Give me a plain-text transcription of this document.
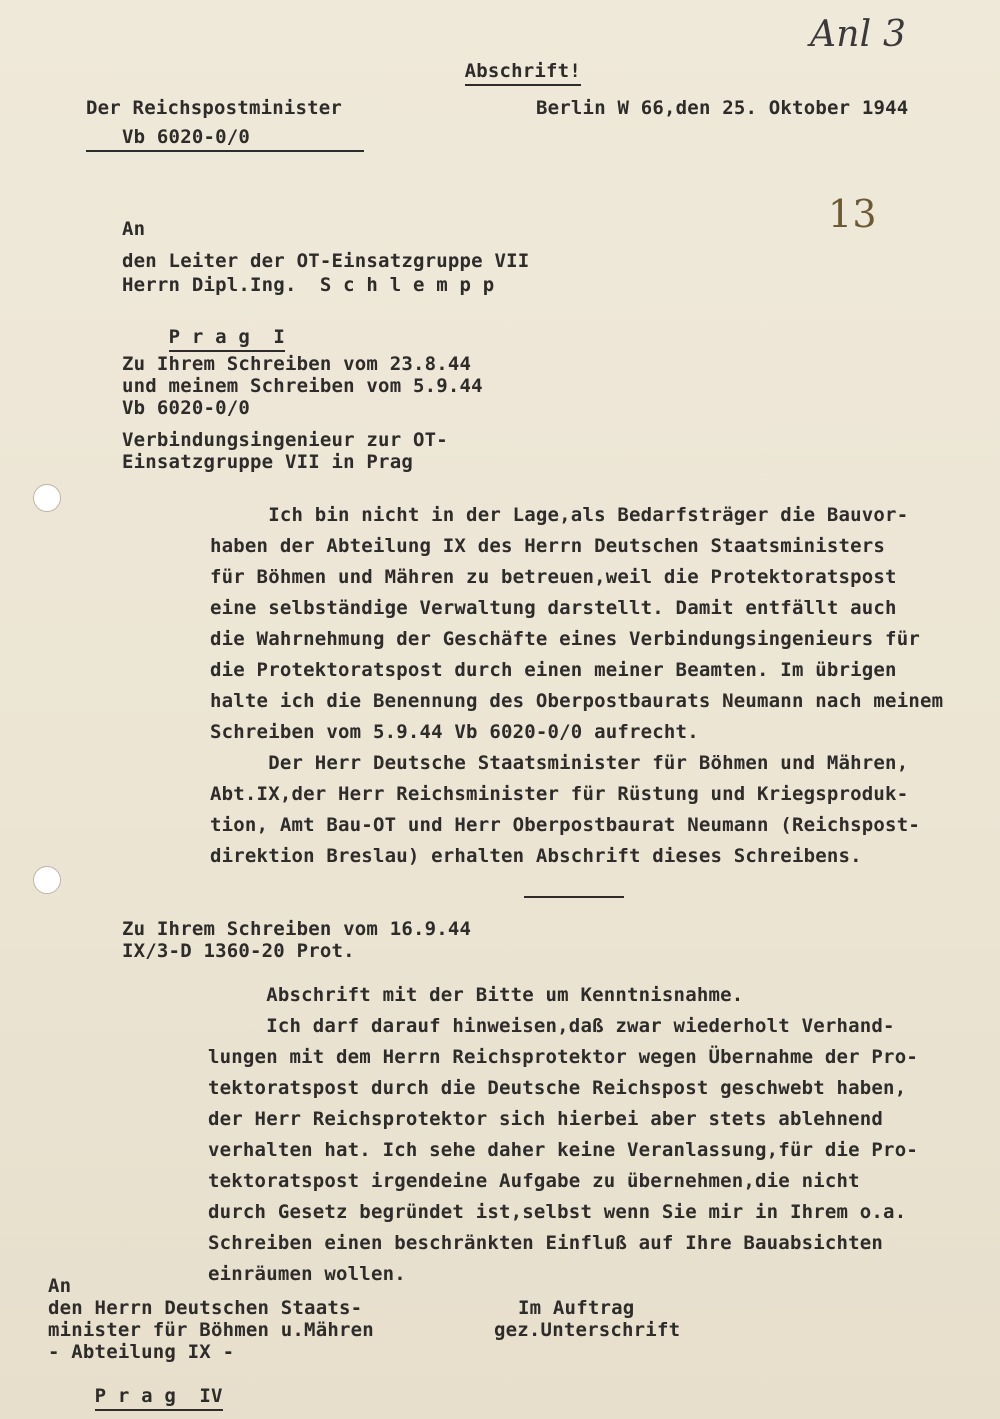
Abschrift!

Anl 3
Der Reichspostminister
Vb 6020-0/0
Berlin W 66,den 25. Oktober 1944
13
An
den Leiter der OT-Einsatzgruppe VII
Herrn Dipl.Ing.  S c h l e m p p

P r a g  I

Zu Ihrem Schreiben vom 23.8.44
und meinem Schreiben vom 5.9.44
Vb 6020-0/0
Verbindungsingenieur zur OT-
Einsatzgruppe VII in Prag
Ich bin nicht in der Lage,als Bedarfsträger die Bauvor-
haben der Abteilung IX des Herrn Deutschen Staatsministers
für Böhmen und Mähren zu betreuen,weil die Protektoratspost
eine selbständige Verwaltung darstellt. Damit entfällt auch
die Wahrnehmung der Geschäfte eines Verbindungsingenieurs für
die Protektoratspost durch einen meiner Beamten. Im übrigen
halte ich die Benennung des Oberpostbaurats Neumann nach meinem
Schreiben vom 5.9.44 Vb 6020-0/0 aufrecht.
Der Herr Deutsche Staatsminister für Böhmen und Mähren,
Abt.IX,der Herr Reichsminister für Rüstung und Kriegsproduk-
tion, Amt Bau-OT und Herr Oberpostbaurat Neumann (Reichspost-
direktion Breslau) erhalten Abschrift dieses Schreibens.
Zu Ihrem Schreiben vom 16.9.44
IX/3-D 1360-20 Prot.
Abschrift mit der Bitte um Kenntnisnahme.
Ich darf darauf hinweisen,daß zwar wiederholt Verhand-
lungen mit dem Herrn Reichsprotektor wegen Übernahme der Pro-
tektoratspost durch die Deutsche Reichspost geschwebt haben,
der Herr Reichsprotektor sich hierbei aber stets ablehnend
verhalten hat. Ich sehe daher keine Veranlassung,für die Pro-
tektoratspost irgendeine Aufgabe zu übernehmen,die nicht
durch Gesetz begründet ist,selbst wenn Sie mir in Ihrem o.a.
Schreiben einen beschränkten Einfluß auf Ihre Bauabsichten
einräumen wollen.
An
den Herrn Deutschen Staats-
minister für Böhmen u.Mähren
- Abteilung IX -

P r a g  IV

Im Auftrag
gez.Unterschrift
